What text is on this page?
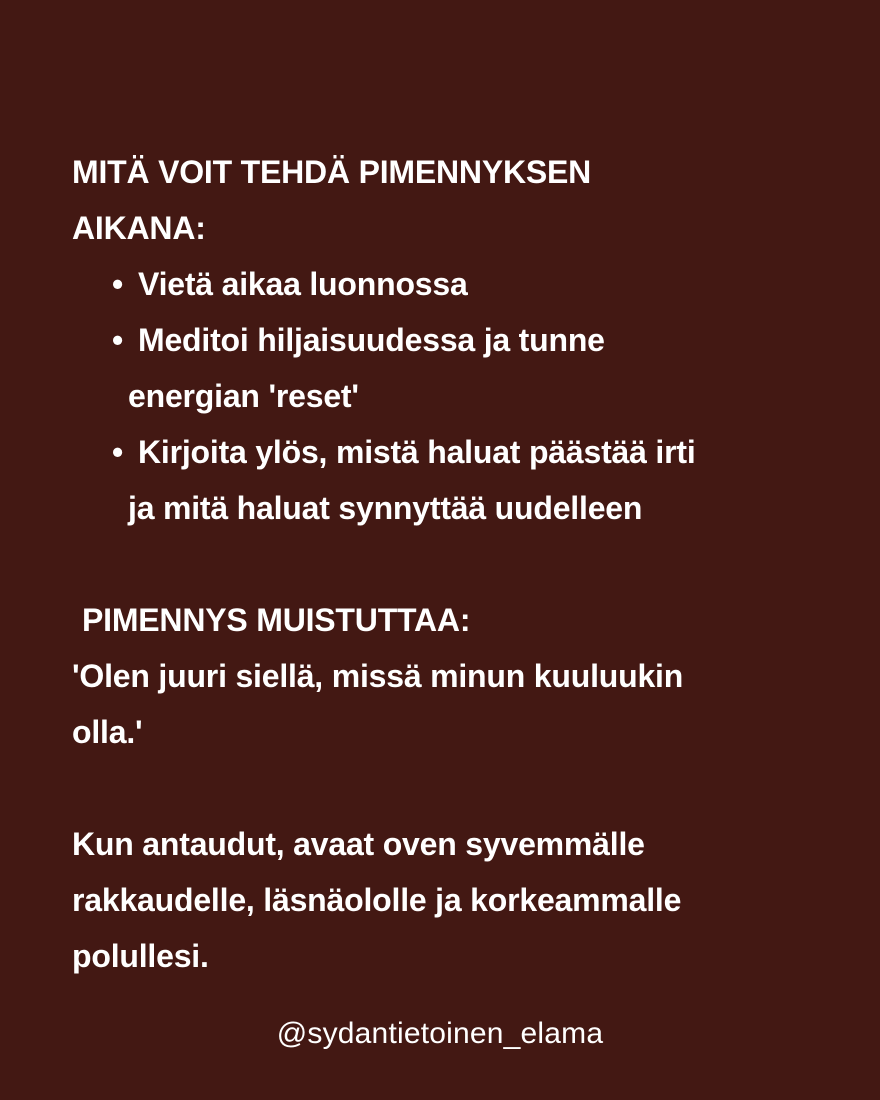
MITÄ VOIT TEHDÄ PIMENNYKSEN
AIKANA:
• Vietä aikaa luonnossa
• Meditoi hiljaisuudessa ja tunne
energian 'reset'
• Kirjoita ylös, mistä haluat päästää irti
ja mitä haluat synnyttää uudelleen
PIMENNYS MUISTUTTAA:
'Olen juuri siellä, missä minun kuuluukin
olla.'
Kun antaudut, avaat oven syvemmälle
rakkaudelle, läsnäololle ja korkeammalle
polullesi.
@sydantietoinen_elama
